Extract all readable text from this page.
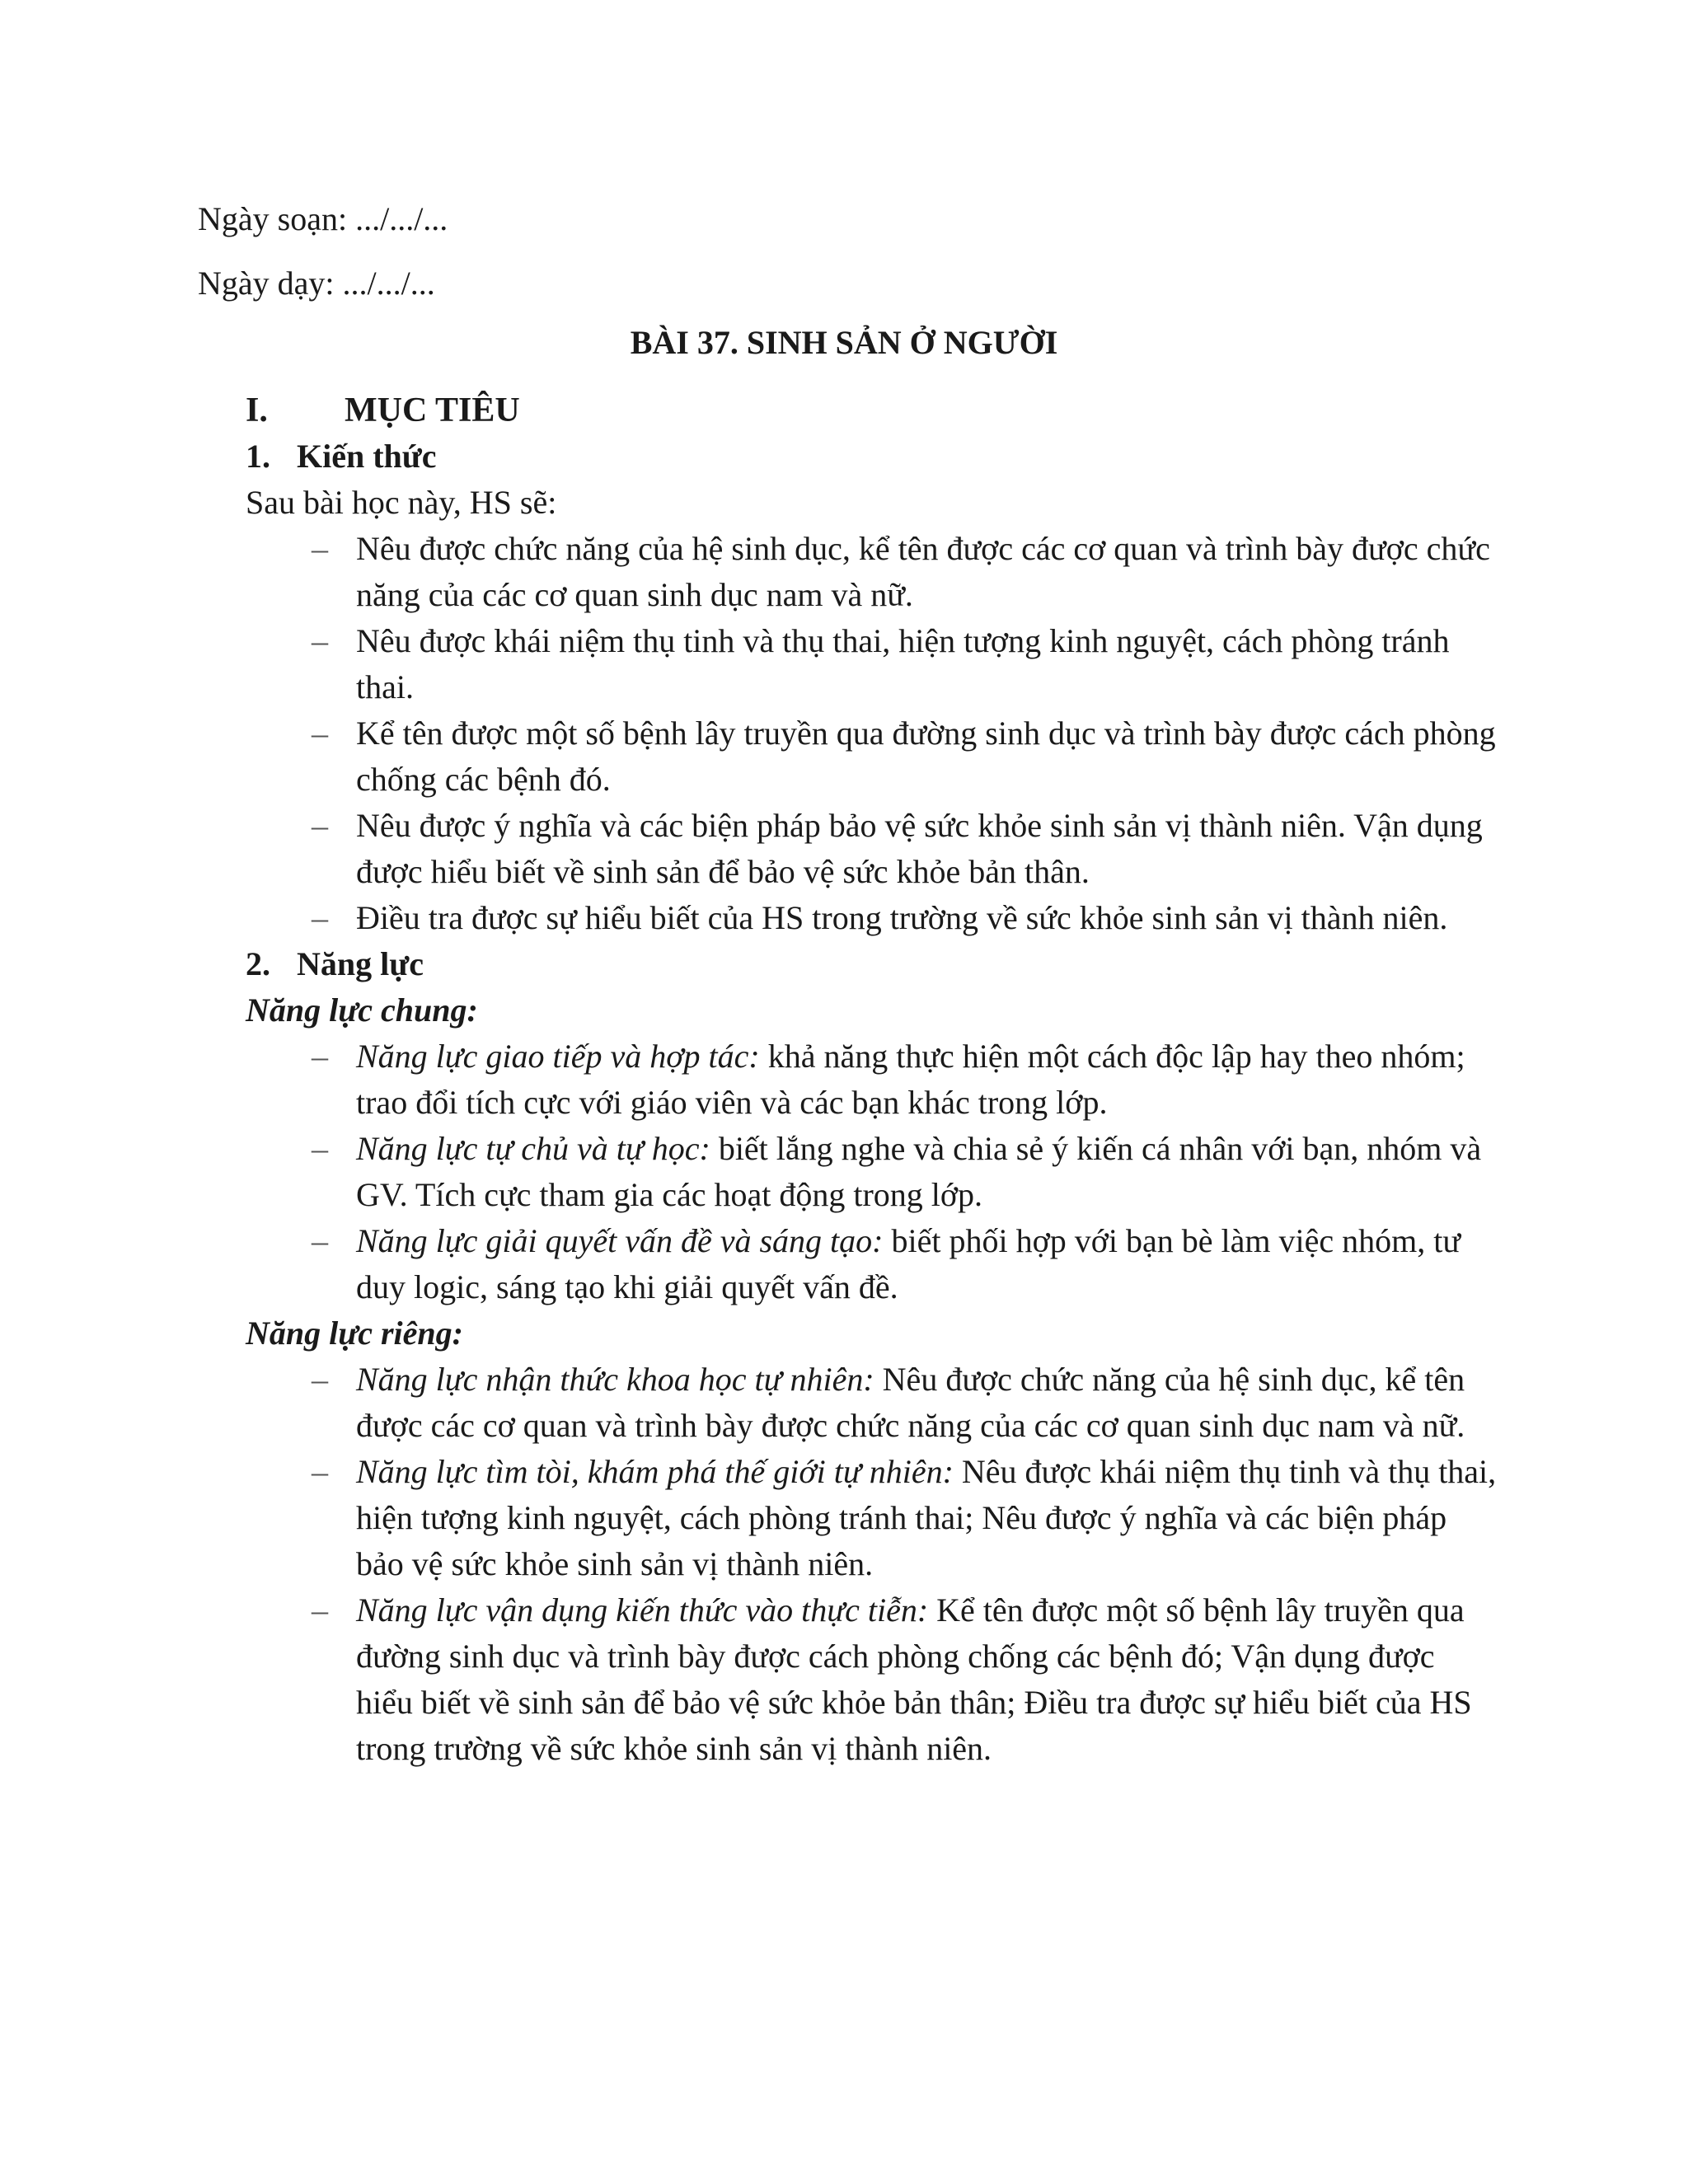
Ngày soạn: .../.../...
Ngày dạy: .../.../...
BÀI 37. SINH SẢN Ở NGƯỜI
I.	MỤC TIÊU
1. Kiến thức
Sau bài học này, HS sẽ:
– Nêu được chức năng của hệ sinh dục, kể tên được các cơ quan và trình bày được chức năng của các cơ quan sinh dục nam và nữ.
– Nêu được khái niệm thụ tinh và thụ thai, hiện tượng kinh nguyệt, cách phòng tránh thai.
– Kể tên được một số bệnh lây truyền qua đường sinh dục và trình bày được cách phòng chống các bệnh đó.
– Nêu được ý nghĩa và các biện pháp bảo vệ sức khỏe sinh sản vị thành niên. Vận dụng được hiểu biết về sinh sản để bảo vệ sức khỏe bản thân.
– Điều tra được sự hiểu biết của HS trong trường về sức khỏe sinh sản vị thành niên.
2. Năng lực
Năng lực chung:
– Năng lực giao tiếp và hợp tác: khả năng thực hiện một cách độc lập hay theo nhóm; trao đổi tích cực với giáo viên và các bạn khác trong lớp.
– Năng lực tự chủ và tự học: biết lắng nghe và chia sẻ ý kiến cá nhân với bạn, nhóm và GV. Tích cực tham gia các hoạt động trong lớp.
– Năng lực giải quyết vấn đề và sáng tạo: biết phối hợp với bạn bè làm việc nhóm, tư duy logic, sáng tạo khi giải quyết vấn đề.
Năng lực riêng:
– Năng lực nhận thức khoa học tự nhiên: Nêu được chức năng của hệ sinh dục, kể tên được các cơ quan và trình bày được chức năng của các cơ quan sinh dục nam và nữ.
– Năng lực tìm tòi, khám phá thế giới tự nhiên: Nêu được khái niệm thụ tinh và thụ thai, hiện tượng kinh nguyệt, cách phòng tránh thai; Nêu được ý nghĩa và các biện pháp bảo vệ sức khỏe sinh sản vị thành niên.
– Năng lực vận dụng kiến thức vào thực tiễn: Kể tên được một số bệnh lây truyền qua đường sinh dục và trình bày được cách phòng chống các bệnh đó; Vận dụng được hiểu biết về sinh sản để bảo vệ sức khỏe bản thân; Điều tra được sự hiểu biết của HS trong trường về sức khỏe sinh sản vị thành niên.
